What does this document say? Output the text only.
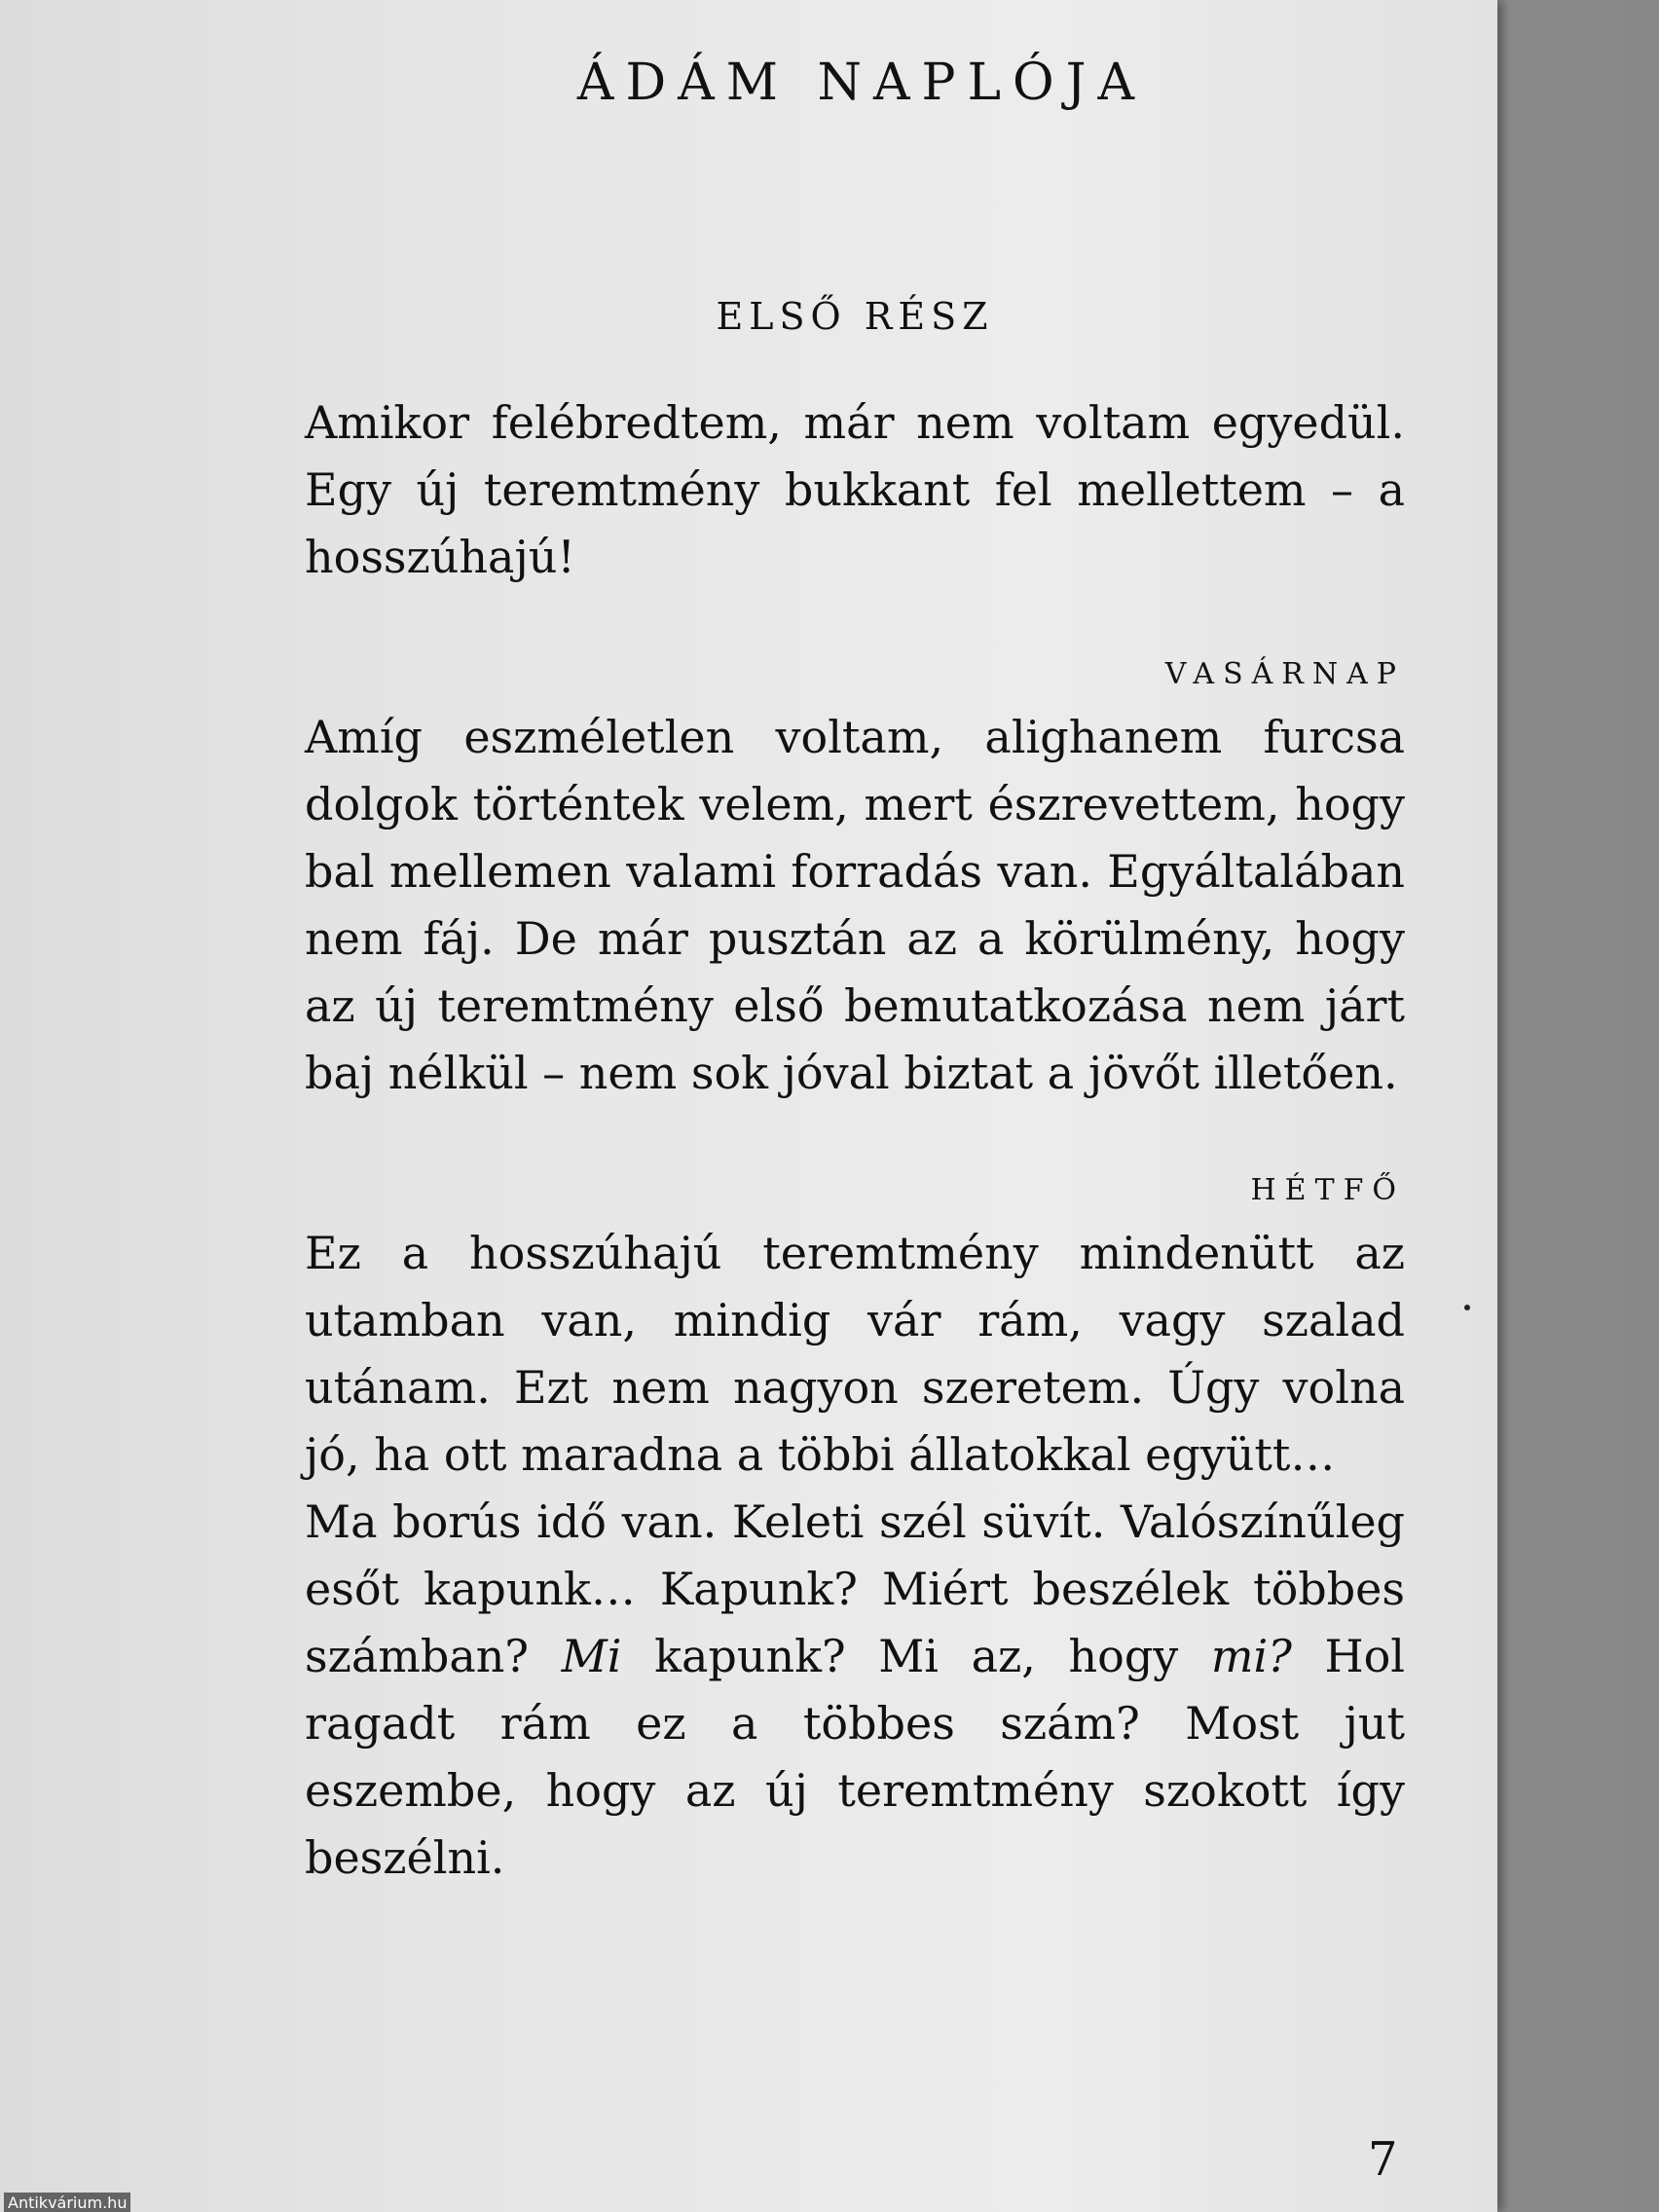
ÁDÁM NAPLÓJA
ELSŐ RÉSZ

Amikor felébredtem, már nem voltam egyedül. Egy új teremtmény bukkant fel mellettem – a hosszúhajú!

VASÁRNAP

Amíg eszméletlen voltam, alighanem furcsa dolgok történtek velem, mert észrevettem, hogy bal mellemen valami forradás van. Egyáltalában nem fáj. De már pusztán az a körülmény, hogy az új teremtmény első bemutatkozása nem járt baj nélkül – nem sok jóval biztat a jövőt illetően.

HÉTFŐ

Ez a hosszúhajú teremtmény mindenütt az utamban van, mindig vár rám, vagy szalad utánam. Ezt nem nagyon szeretem. Úgy volna jó, ha ott maradna a többi állatokkal együtt…

Ma borús idő van. Keleti szél süvít. Valószínűleg esőt kapunk… Kapunk? Miért beszélek többes számban? Mi kapunk? Mi az, hogy mi? Hol ragadt rám ez a többes szám? Most jut eszembe, hogy az új teremtmény szokott így beszélni.

7
Antikvárium.hu
